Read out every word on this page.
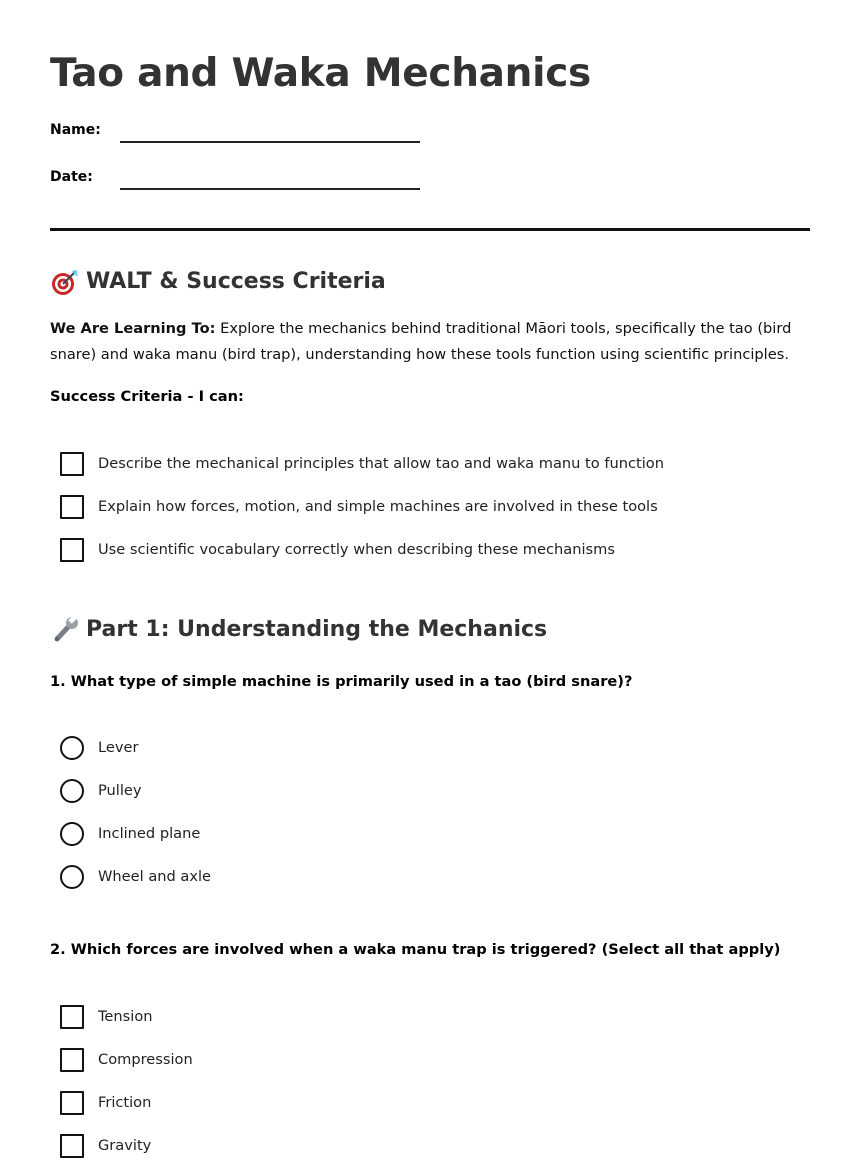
Tao and Waka Mechanics
Name:
Date:
WALT & Success Criteria

We Are Learning To: Explore the mechanics behind traditional Māori tools, specifically the tao (bird snare) and waka manu (bird trap), understanding how these tools function using scientific principles.

Success Criteria - I can:
Describe the mechanical principles that allow tao and waka manu to function
Explain how forces, motion, and simple machines are involved in these tools
Use scientific vocabulary correctly when describing these mechanisms
Part 1: Understanding the Mechanics
1. What type of simple machine is primarily used in a tao (bird snare)?
Lever
Pulley
Inclined plane
Wheel and axle
2. Which forces are involved when a waka manu trap is triggered? (Select all that apply)
Tension
Compression
Friction
Gravity
